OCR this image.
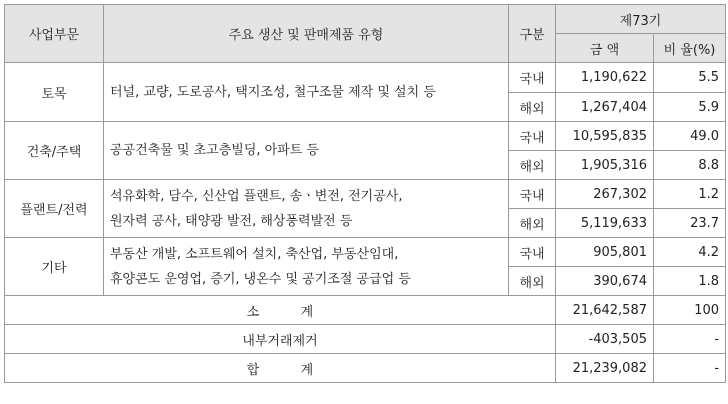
사업부문	주요 생산 및 판매제품 유형	구분	제73기	
			금 액	비 율(%)
토목	터널, 교량, 도로공사, 택지조성, 철구조물 제작 및 설치 등	국내	1,190,622	5.5
		해외	1,267,404	5.9
건축/주택	공공건축물 및 초고층빌딩, 아파트 등	국내	10,595,835	49.0
		해외	1,905,316	8.8
플랜트/전력	석유화학, 담수, 신산업 플랜트, 송ㆍ변전, 전기공사,
원자력 공사, 태양광 발전, 해상풍력발전 등	국내	267,302	1.2
		해외	5,119,633	23.7
기타	부동산 개발, 소프트웨어 설치, 축산업, 부동산임대,
휴양콘도 운영업, 증기, 냉온수 및 공기조절 공급업 등	국내	905,801	4.2
		해외	390,674	1.8
소          계			21,642,587	100
내부거래제거			-403,505	-
합          계			21,239,082	-
